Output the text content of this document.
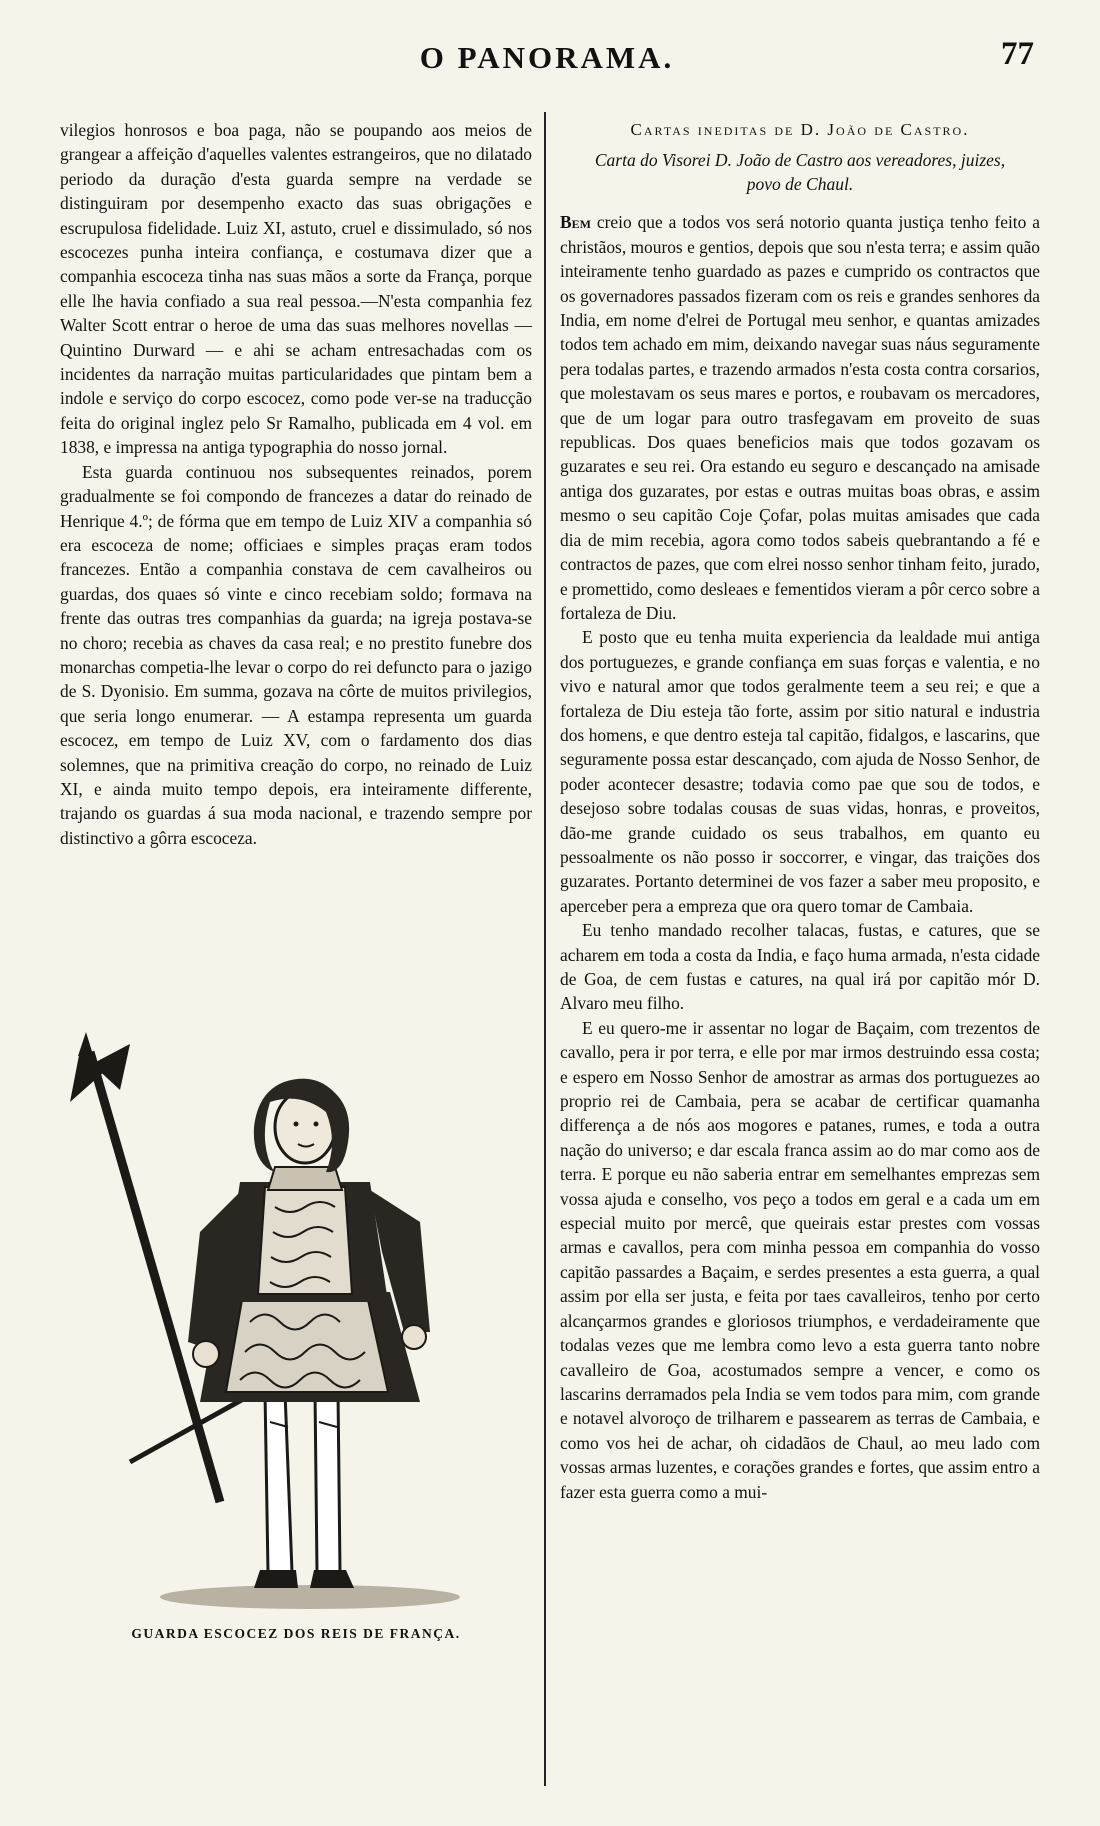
O PANORAMA.	77

vilegios honrosos e boa paga, não se poupando aos meios de grangear a affeição d'aquelles valentes estrangeiros, que no dilatado periodo da duração d'esta guarda sempre na verdade se distinguiram por desempenho exacto das suas obrigações e escrupulosa fidelidade. Luiz XI, astuto, cruel e dissimulado, só nos escocezes punha inteira confiança, e costumava dizer que a companhia escoceza tinha nas suas mãos a sorte da França, porque elle lhe havia confiado a sua real pessoa.—N'esta companhia fez Walter Scott entrar o heroe de uma das suas melhores novellas — Quintino Durward — e ahi se acham entresachadas com os incidentes da narração muitas particularidades que pintam bem a indole e serviço do corpo escocez, como pode ver-se na traducção feita do original inglez pelo Sr Ramalho, publicada em 4 vol. em 1838, e impressa na antiga typographia do nosso jornal.

Esta guarda continuou nos subsequentes reinados, porem gradualmente se foi compondo de francezes a datar do reinado de Henrique 4.º; de fórma que em tempo de Luiz XIV a companhia só era escoceza de nome; officiaes e simples praças eram todos francezes. Então a companhia constava de cem cavalheiros ou guardas, dos quaes só vinte e cinco recebiam soldo; formava na frente das outras tres companhias da guarda; na igreja postava-se no choro; recebia as chaves da casa real; e no prestito funebre dos monarchas competia-lhe levar o corpo do rei defuncto para o jazigo de S. Dyonisio. Em summa, gozava na côrte de muitos privilegios, que seria longo enumerar. — A estampa representa um guarda escocez, em tempo de Luiz XV, com o fardamento dos dias solemnes, que na primitiva creação do corpo, no reinado de Luiz XI, e ainda muito tempo depois, era inteiramente differente, trajando os guardas á sua moda nacional, e trazendo sempre por distinctivo a gôrra escoceza.

GUARDA ESCOCEZ DOS REIS DE FRANÇA.
Cartas ineditas de D. João de Castro.
Carta do Visorei D. João de Castro aos vereadores, juizes, povo de Chaul.

Bem creio que a todos vos será notorio quanta justiça tenho feito a christãos, mouros e gentios, depois que sou n'esta terra; e assim quão inteiramente tenho guardado as pazes e cumprido os contractos que os governadores passados fizeram com os reis e grandes senhores da India, em nome d'elrei de Portugal meu senhor, e quantas amizades todos tem achado em mim, deixando navegar suas náus seguramente pera todalas partes, e trazendo armados n'esta costa contra corsarios, que molestavam os seus mares e portos, e roubavam os mercadores, que de um logar para outro trasfegavam em proveito de suas republicas. Dos quaes beneficios mais que todos gozavam os guzarates e seu rei. Ora estando eu seguro e descançado na amisade antiga dos guzarates, por estas e outras muitas boas obras, e assim mesmo o seu capitão Coje Çofar, polas muitas amisades que cada dia de mim recebia, agora como todos sabeis quebrantando a fé e contractos de pazes, que com elrei nosso senhor tinham feito, jurado, e promettido, como desleaes e fementidos vieram a pôr cerco sobre a fortaleza de Diu.

E posto que eu tenha muita experiencia da lealdade mui antiga dos portuguezes, e grande confiança em suas forças e valentia, e no vivo e natural amor que todos geralmente teem a seu rei; e que a fortaleza de Diu esteja tão forte, assim por sitio natural e industria dos homens, e que dentro esteja tal capitão, fidalgos, e lascarins, que seguramente possa estar descançado, com ajuda de Nosso Senhor, de poder acontecer desastre; todavia como pae que sou de todos, e desejoso sobre todalas cousas de suas vidas, honras, e proveitos, dão-me grande cuidado os seus trabalhos, em quanto eu pessoalmente os não posso ir soccorrer, e vingar, das traições dos guzarates. Portanto determinei de vos fazer a saber meu proposito, e aperceber pera a empreza que ora quero tomar de Cambaia.

Eu tenho mandado recolher talacas, fustas, e catures, que se acharem em toda a costa da India, e faço huma armada, n'esta cidade de Goa, de cem fustas e catures, na qual irá por capitão mór D. Alvaro meu filho.

E eu quero-me ir assentar no logar de Baçaim, com trezentos de cavallo, pera ir por terra, e elle por mar irmos destruindo essa costa; e espero em Nosso Senhor de amostrar as armas dos portuguezes ao proprio rei de Cambaia, pera se acabar de certificar quamanha differença a de nós aos mogores e patanes, rumes, e toda a outra nação do universo; e dar escala franca assim ao do mar como aos de terra. E porque eu não saberia entrar em semelhantes emprezas sem vossa ajuda e conselho, vos peço a todos em geral e a cada um em especial muito por mercê, que queirais estar prestes com vossas armas e cavallos, pera com minha pessoa em companhia do vosso capitão passardes a Baçaim, e serdes presentes a esta guerra, a qual assim por ella ser justa, e feita por taes cavalleiros, tenho por certo alcançarmos grandes e gloriosos triumphos, e verdadeiramente que todalas vezes que me lembra como levo a esta guerra tanto nobre cavalleiro de Goa, acostumados sempre a vencer, e como os lascarins derramados pela India se vem todos para mim, com grande e notavel alvoroço de trilharem e passearem as terras de Cambaia, e como vos hei de achar, oh cidadãos de Chaul, ao meu lado com vossas armas luzentes, e corações grandes e fortes, que assim entro a fazer esta guerra como a mui-
